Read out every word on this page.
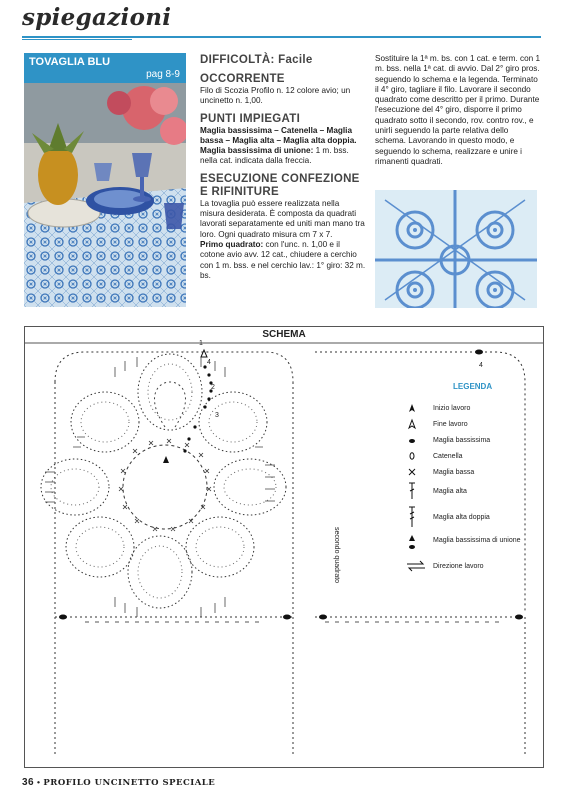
spiegazioni
TOVAGLIA BLU
pag 8-9
DIFFICOLTÀ: Facile
OCCORRENTE

Filo di Scozia Profilo n. 12 colore avio; un uncinetto n. 1,00.

PUNTI IMPIEGATI

Maglia bassissima – Catenella – Maglia bassa – Maglia alta – Maglia alta doppia.

Maglia bassissima di unione: 1 m. bss. nella cat. indicata dalla freccia.

ESECUZIONE CONFEZIONE E RIFINITURE

La tovaglia può essere realizzata nella misura desiderata. È composta da quadrati lavorati separatamente ed uniti man mano tra loro. Ogni quadrato misura cm 7 x 7.

Primo quadrato: con l'unc. n. 1,00 e il cotone avio avv. 12 cat., chiudere a cerchio con 1 m. bss. e nel cerchio lav.: 1° giro: 32 m. bs.

Sostituire la 1ª m. bs. con 1 cat. e term. con 1 m. bss. nella 1ª cat. di avvio. Dal 2° giro pros. seguendo lo schema e la legenda. Terminato il 4° giro, tagliare il filo. Lavorare il secondo quadrato come descritto per il primo. Durante l'esecuzione del 4° giro, disporre il primo quadrato sotto il secondo, rov. contro rov., e unirli seguendo la parte relativa dello schema. Lavorando in questo modo, e seguendo lo schema, realizzare e unire i rimanenti quadrati.

SCHEMA
1
2
3
4	4
secondo quadrato
LEGENDA
Inizio lavoro
Fine lavoro
Maglia bassissima
Catenella
Maglia bassa
Maglia alta
Maglia alta doppia
Maglia bassissima di unione
Direzione lavoro
36 • PROFILO UNCINETTO SPECIALE
